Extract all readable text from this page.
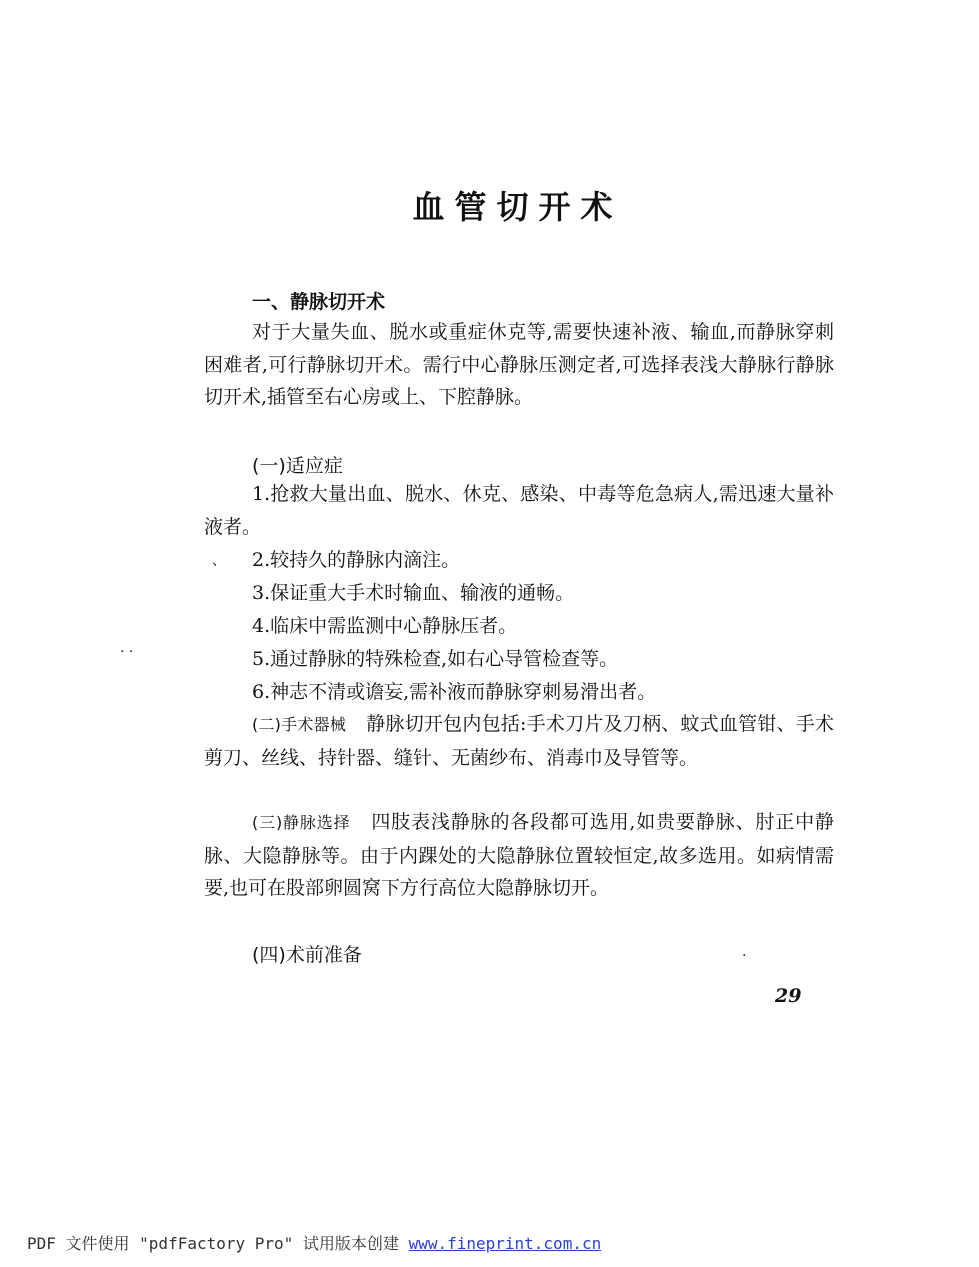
血管切开术
一、静脉切开术

对于大量失血、脱水或重症休克等,需要快速补液、输血,而静脉穿刺困难者,可行静脉切开术。需行中心静脉压测定者,可选择表浅大静脉行静脉切开术,插管至右心房或上、下腔静脉。

(一)适应症

1.抢救大量出血、脱水、休克、感染、中毒等危急病人,需迅速大量补液者。

、 2.较持久的静脉内滴注。
3.保证重大手术时输血、输液的通畅。
4.临床中需监测中心静脉压者。
· ·	5.通过静脉的特殊检查,如右心导管检查等。
6.神志不清或谵妄,需补液而静脉穿刺易滑出者。

(二)手术器械 静脉切开包内包括:手术刀片及刀柄、蚊式血管钳、手术剪刀、丝线、持针器、缝针、无菌纱布、消毒巾及导管等。

(三)静脉选择 四肢表浅静脉的各段都可选用,如贵要静脉、肘正中静脉、大隐静脉等。由于内踝处的大隐静脉位置较恒定,故多选用。如病情需要,也可在股部卵圆窝下方行高位大隐静脉切开。

(四)术前准备	.
29
PDF 文件使用 "pdfFactory Pro" 试用版本创建 www.fineprint.com.cn
